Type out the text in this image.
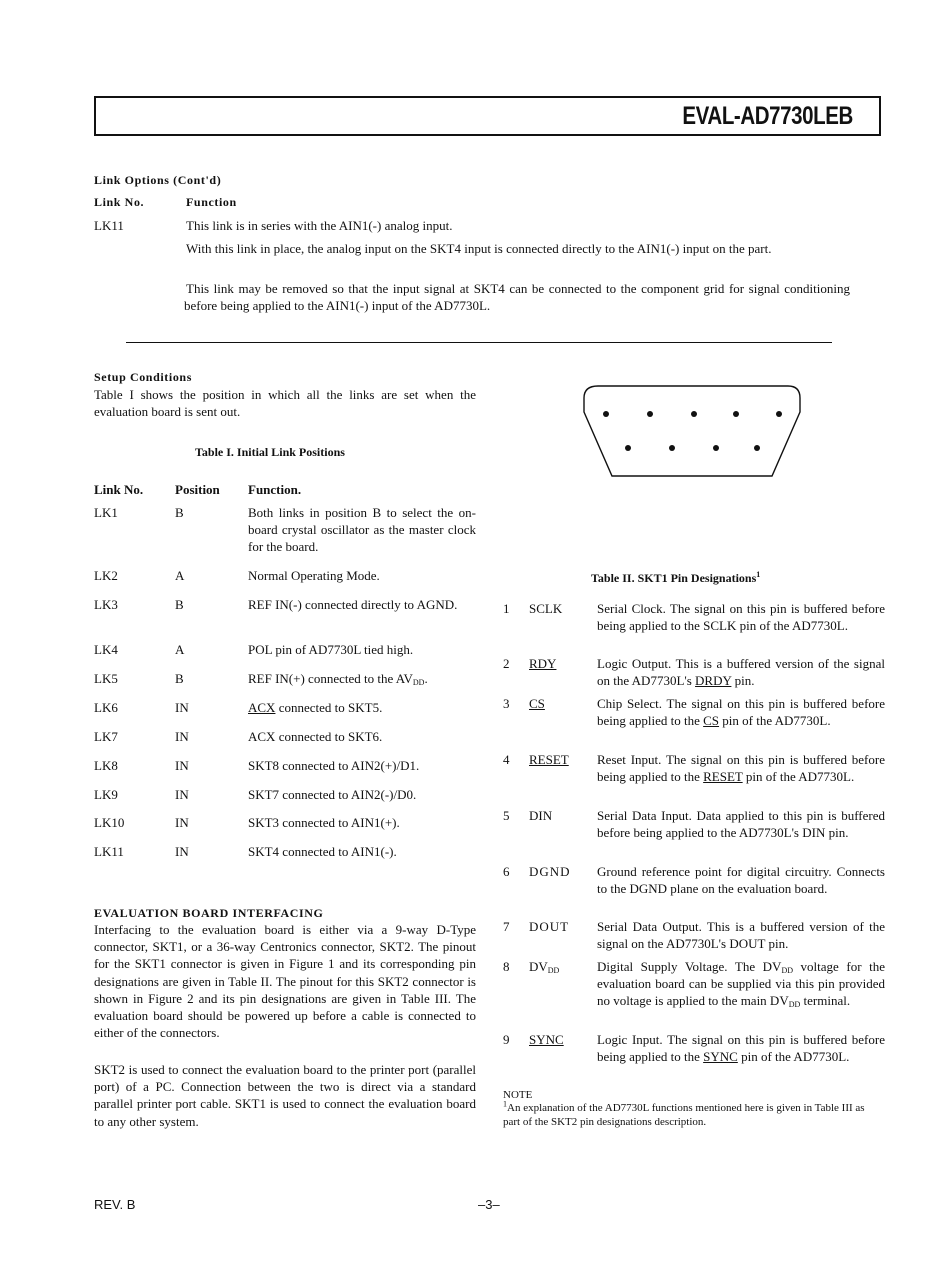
EVAL-AD7730LEB
Link Options (Cont'd)
Link No.	Function
LK11	This link is in series with the AIN1(-) analog input.
With this link in place, the analog input on the SKT4 input is connected directly to the AIN1(-) input on the part.
This link may be removed so that the input signal at SKT4 can be connected to the component grid for signal conditioning before being applied to the AIN1(-) input of the AD7730L.
Setup Conditions
Table I shows the position in which all the links are set when the evaluation board is sent out.
Table I. Initial Link Positions
Link No. Position Function.
LK1	B	Both links in position B to select the on-board crystal oscillator as the master clock for the board.
LK2	A	Normal Operating Mode.
LK3	B	REF IN(-) connected directly to AGND.
LK4	A	POL pin of AD7730L tied high.
LK5	B	REF IN(+) connected to the $AV_{DD}$.
LK6	IN	ACX connected to SKT5.
LK7	IN	ACX connected to SKT6.
LK8	IN	SKT8 connected to AIN2(+)/D1.
LK9	IN	SKT7 connected to AIN2(-)/D0.
LK10	IN	SKT3 connected to AIN1(+).
LK11	IN	SKT4 connected to AIN1(-).
EVALUATION BOARD INTERFACING
Interfacing to the evaluation board is either via a 9-way D-Type connector, SKT1, or a 36-way Centronics connector, SKT2. The pinout for the SKT1 connector is given in Figure 1 and its corresponding pin designations are given in Table II. The pinout for this SKT2 connector is shown in Figure 2 and its pin designations are given in Table III. The evaluation board should be powered up before a cable is connected to either of the connectors.
SKT2 is used to connect the evaluation board to the printer port (parallel port) of a PC. Connection between the two is direct via a standard parallel printer port cable. SKT1 is used to connect the evaluation board to any other system.
Table II. SKT1 Pin Designations$^1$
1 SCLK	Serial Clock. The signal on this pin is buffered before being applied to the SCLK pin of the AD7730L.
2 RDY	Logic Output. This is a buffered version of the signal on the AD7730L's DRDY pin.
3 CS	Chip Select. The signal on this pin is buffered before being applied to the CS pin of the AD7730L.
4 RESET Reset Input. The signal on this pin is buffered before being applied to the RESET pin of the AD7730L.
5 DIN	Serial Data Input. Data applied to this pin is buffered before being applied to the AD7730L's DIN pin.
6 DGND Ground reference point for digital circuitry. Connects to the DGND plane on the evaluation board.
7 DOUT Serial Data Output. This is a buffered version of the signal on the AD7730L's DOUT pin.
8 $DV_{DD}$	Digital Supply Voltage. The $DV_{DD}$ voltage for the evaluation board can be supplied via this pin provided no voltage is applied to the main $DV_{DD}$ terminal.
9 SYNC	Logic Input. The signal on this pin is buffered before being applied to the SYNC pin of the AD7730L.
NOTE
$^1$An explanation of the AD7730L functions mentioned here is given in Table III as part of the SKT2 pin designations description.
REV. B	–3–
